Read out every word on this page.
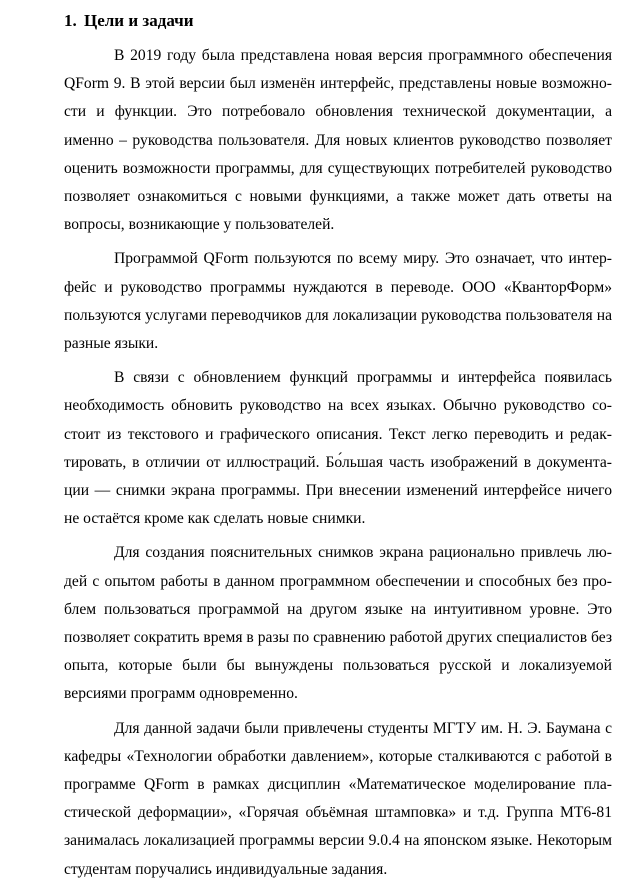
1. Цели и задачи

В 2019 году была представлена новая версия программного обеспечения QForm 9. В этой версии был изменён интерфейс, представлены новые возможности и функции. Это потребовало обновления технической документации, а именно – руководства пользователя. Для новых клиентов руководство позволяет оценить возможности программы, для существующих потребителей руководство позволяет ознакомиться с новыми функциями, а также может дать ответы на вопросы, возникающие у пользователей.

Программой QForm пользуются по всему миру. Это означает, что интерфейс и руководство программы нуждаются в переводе. ООО «КванторФорм» пользуются услугами переводчиков для локализации руководства пользователя на разные языки.

В связи с обновлением функций программы и интерфейса появилась необходимость обновить руководство на всех языках. Обычно руководство состоит из текстового и графического описания. Текст легко переводить и редактировать, в отличии от иллюстраций. Бо́льшая часть изображений в документации — снимки экрана программы. При внесении изменений интерфейсе ничего не остаётся кроме как сделать новые снимки.

Для создания пояснительных снимков экрана рационально привлечь людей с опытом работы в данном программном обеспечении и способных без проблем пользоваться программой на другом языке на интуитивном уровне. Это позволяет сократить время в разы по сравнению работой других специалистов без опыта, которые были бы вынуждены пользоваться русской и локализуемой версиями программ одновременно.

Для данной задачи были привлечены студенты МГТУ им. Н. Э. Баумана с кафедры «Технологии обработки давлением», которые сталкиваются с работой в программе QForm в рамках дисциплин «Математическое моделирование пластической деформации», «Горячая объёмная штамповка» и т.д. Группа МТ6-81 занималась локализацией программы версии 9.0.4 на японском языке. Некоторым студентам поручались индивидуальные задания.
